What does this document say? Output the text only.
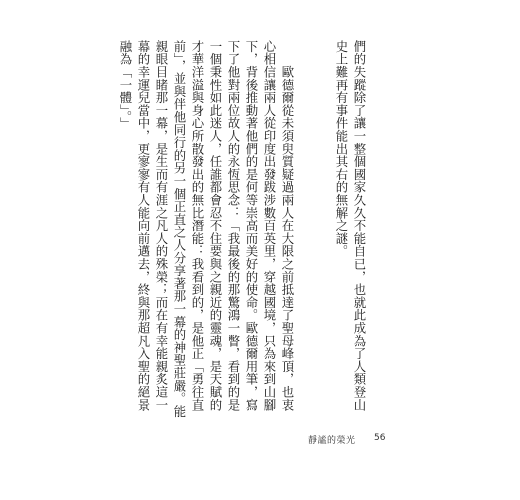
們的失蹤除了讓一整個國家久久不能自已，也就此成為了人類登山史上難再有事件能出其右的無解之謎。

　　歐德爾從未須臾質疑過兩人在大限之前抵達了聖母峰頂，也衷心相信讓兩人從印度出發跋涉數百英里，穿越國境，只為來到山腳下，背後推動著他們的是何等崇高而美好的使命。歐德爾用筆，寫下了他對兩位故人的永恆思念：「我最後的那驚鴻一瞥，看到的是一個秉性如此迷人，任誰都會忍不住要與之親近的靈魂，是天賦的才華洋溢與身心所散發出的無比潛能：我看到的，是他正「勇往直前」，並與伴他同行的另一個正直之人分享著那一幕的神聖莊嚴。能親眼目睹那一幕，是生而有涯之凡人的殊榮；而在有幸能親炙這一幕的幸運兒當中，更寥寥有人能向前邁去，終與那超凡入聖的絕景融為「一體」。」

靜謐的榮光 56
